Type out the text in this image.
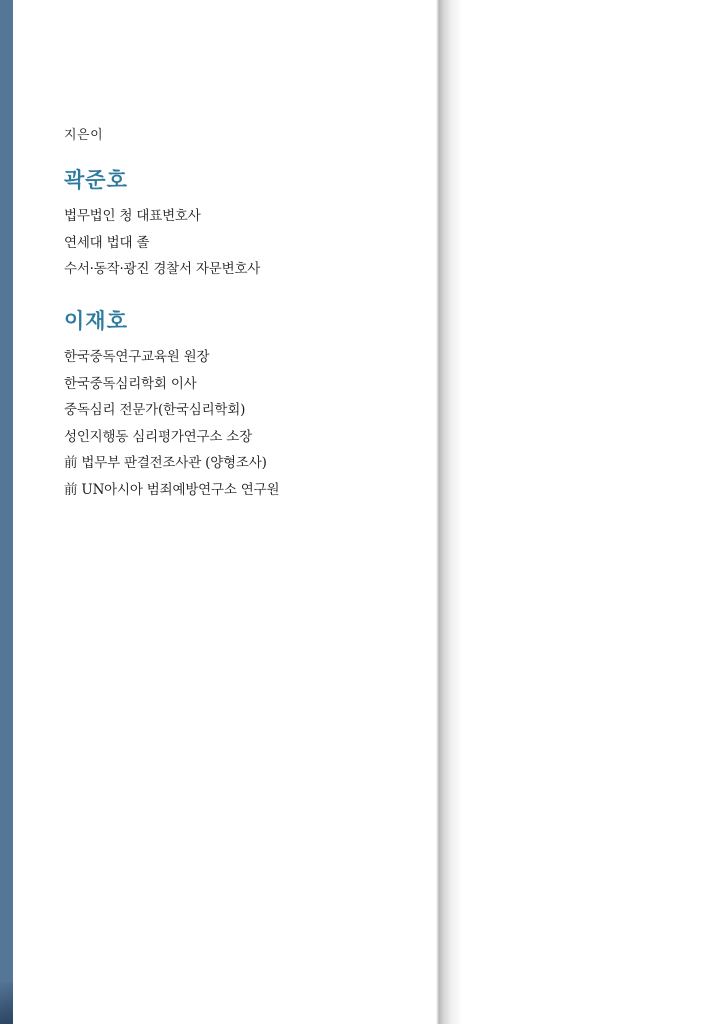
지은이
곽준호
법무법인 청 대표변호사
연세대 법대 졸
수서·동작·광진 경찰서 자문변호사
이재호
한국중독연구교육원 원장
한국중독심리학회 이사
중독심리 전문가(한국심리학회)
성인지행동 심리평가연구소 소장
前 법무부 판결전조사관 (양형조사)
前 UN아시아 범죄예방연구소 연구원
